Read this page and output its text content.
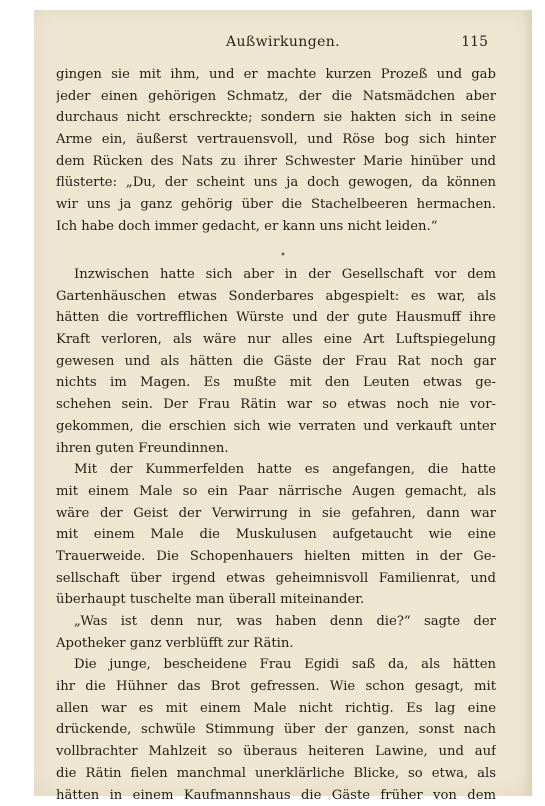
Außwirkungen.	115
gingen sie mit ihm, und er machte kurzen Prozeß und gab
jeder einen gehörigen Schmatz, der die Natsmädchen aber
durchaus nicht erschreckte; sondern sie hakten sich in seine
Arme ein, äußerst vertrauensvoll, und Röse bog sich hinter
dem Rücken des Nats zu ihrer Schwester Marie hinüber und
flüsterte: „Du, der scheint uns ja doch gewogen, da können
wir uns ja ganz gehörig über die Stachelbeeren hermachen.
Ich habe doch immer gedacht, er kann uns nicht leiden.“
•
Inzwischen hatte sich aber in der Gesellschaft vor dem
Gartenhäuschen etwas Sonderbares abgespielt: es war, als
hätten die vortrefflichen Würste und der gute Hausmuff ihre
Kraft verloren, als wäre nur alles eine Art Luftspiegelung
gewesen und als hätten die Gäste der Frau Rat noch gar
nichts im Magen. Es mußte mit den Leuten etwas ge-
schehen sein. Der Frau Rätin war so etwas noch nie vor-
gekommen, die erschien sich wie verraten und verkauft unter
ihren guten Freundinnen.
Mit der Kummerfelden hatte es angefangen, die hatte
mit einem Male so ein Paar närrische Augen gemacht, als
wäre der Geist der Verwirrung in sie gefahren, dann war
mit einem Male die Muskulusen aufgetaucht wie eine
Trauerweide. Die Schopenhauers hielten mitten in der Ge-
sellschaft über irgend etwas geheimnisvoll Familienrat, und
überhaupt tuschelte man überall miteinander.
„Was ist denn nur, was haben denn die?“ sagte der
Apotheker ganz verblüfft zur Rätin.
Die junge, bescheidene Frau Egidi saß da, als hätten
ihr die Hühner das Brot gefressen. Wie schon gesagt, mit
allen war es mit einem Male nicht richtig. Es lag eine
drückende, schwüle Stimmung über der ganzen, sonst nach
vollbrachter Mahlzeit so überaus heiteren Lawine, und auf
die Rätin fielen manchmal unerklärliche Blicke, so etwa, als
hätten in einem Kaufmannshaus die Gäste früher von dem
